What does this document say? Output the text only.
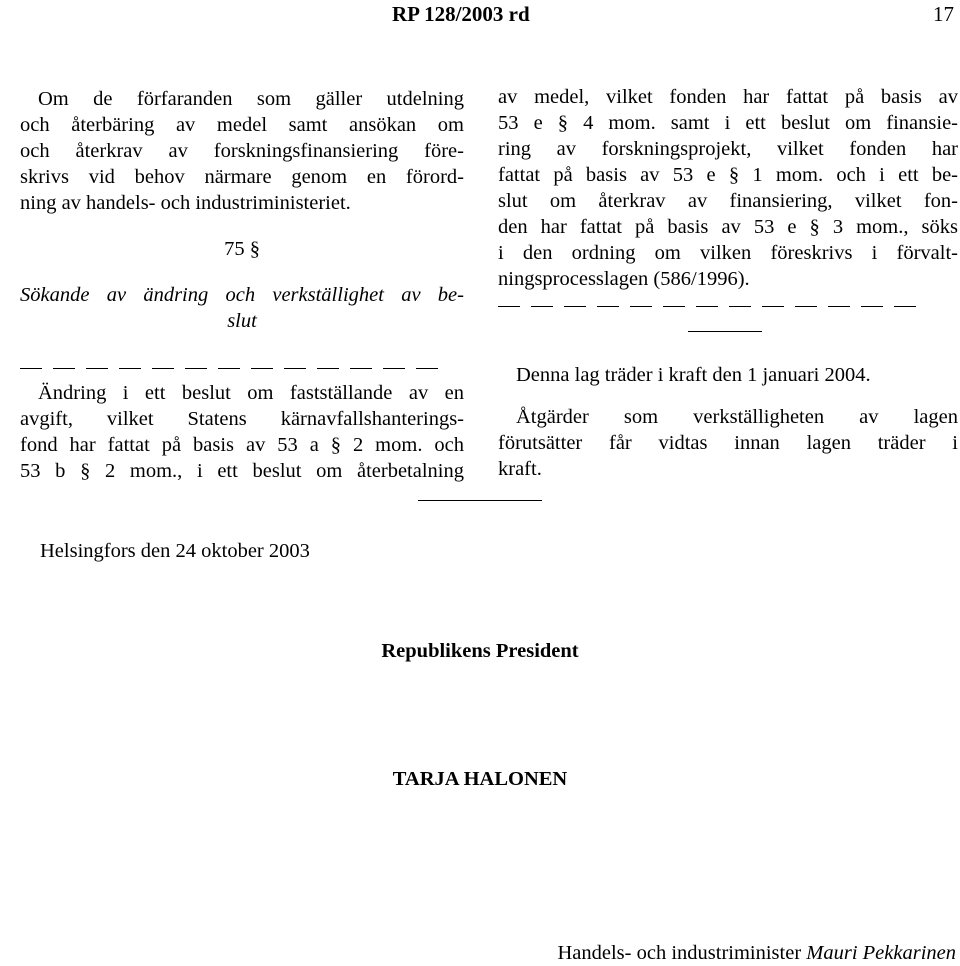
RP 128/2003 rd	17
Om de förfaranden som gäller utdelning
och återbäring av medel samt ansökan om
och återkrav av forskningsfinansiering före-
skrivs vid behov närmare genom en förord-
ning av handels- och industriministeriet.
75 §
Sökande av ändring och verkställighet av be-
slut
Ändring i ett beslut om fastställande av en
avgift, vilket Statens kärnavfallshanterings-
fond har fattat på basis av 53 a § 2 mom. och
53 b § 2 mom., i ett beslut om återbetalning
av medel, vilket fonden har fattat på basis av
53 e § 4 mom. samt i ett beslut om finansie-
ring av forskningsprojekt, vilket fonden har
fattat på basis av 53 e § 1 mom. och i ett be-
slut om återkrav av finansiering, vilket fon-
den har fattat på basis av 53 e § 3 mom., söks
i den ordning om vilken föreskrivs i förvalt-
ningsprocesslagen (586/1996).
Denna lag träder i kraft den 1 januari 2004.
Åtgärder som verkställigheten av lagen
förutsätter får vidtas innan lagen träder i
kraft.
Helsingfors den 24 oktober 2003
Republikens President
TARJA HALONEN
Handels- och industriminister Mauri Pekkarinen
